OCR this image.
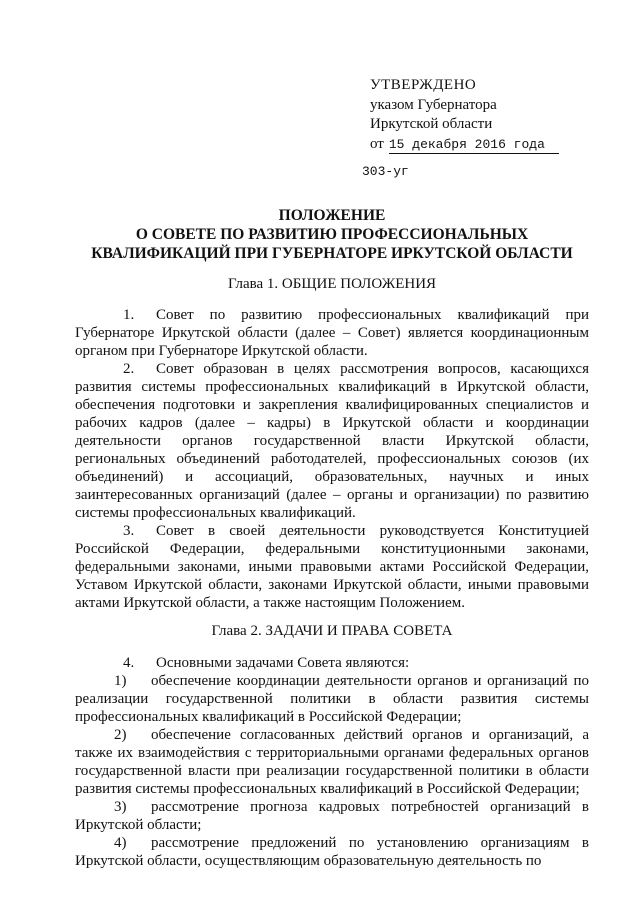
УТВЕРЖДЕНО
указом Губернатора
Иркутской области
от 15 декабря 2016 года
303-уг
ПОЛОЖЕНИЕ
О СОВЕТЕ ПО РАЗВИТИЮ ПРОФЕССИОНАЛЬНЫХ
КВАЛИФИКАЦИЙ ПРИ ГУБЕРНАТОРЕ ИРКУТСКОЙ ОБЛАСТИ
Глава 1. ОБЩИЕ ПОЛОЖЕНИЯ

1. Совет по развитию профессиональных квалификаций при Губернаторе Иркутской области (далее – Совет) является координационным органом при Губернаторе Иркутской области.

2. Совет образован в целях рассмотрения вопросов, касающихся развития системы профессиональных квалификаций в Иркутской области, обеспечения подготовки и закрепления квалифицированных специалистов и рабочих кадров (далее – кадры) в Иркутской области и координации деятельности органов государственной власти Иркутской области, региональных объединений работодателей, профессиональных союзов (их объединений) и ассоциаций, образовательных, научных и иных заинтересованных организаций (далее – органы и организации) по развитию системы профессиональных квалификаций.

3. Совет в своей деятельности руководствуется Конституцией Российской Федерации, федеральными конституционными законами, федеральными законами, иными правовыми актами Российской Федерации, Уставом Иркутской области, законами Иркутской области, иными правовыми актами Иркутской области, а также настоящим Положением.

Глава 2. ЗАДАЧИ И ПРАВА СОВЕТА

4. Основными задачами Совета являются:

1) обеспечение координации деятельности органов и организаций по реализации государственной политики в области развития системы профессиональных квалификаций в Российской Федерации;

2) обеспечение согласованных действий органов и организаций, а также их взаимодействия с территориальными органами федеральных органов государственной власти при реализации государственной политики в области развития системы профессиональных квалификаций в Российской Федерации;

3) рассмотрение прогноза кадровых потребностей организаций в Иркутской области;

4) рассмотрение предложений по установлению организациям в Иркутской области, осуществляющим образовательную деятельность по
